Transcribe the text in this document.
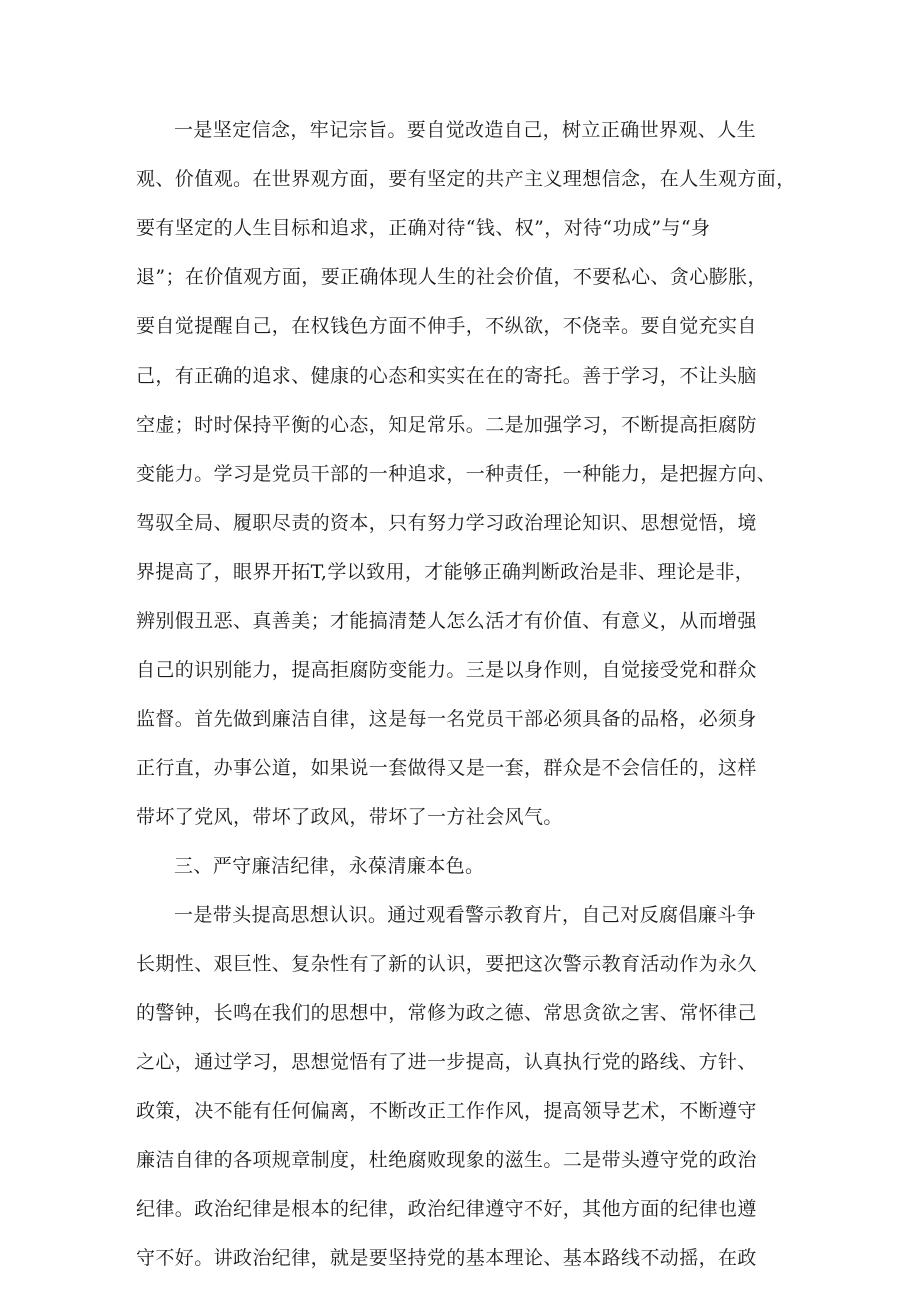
一是坚定信念，牢记宗旨。要自觉改造自己，树立正确世界观、人生
观、价值观。在世界观方面，要有坚定的共产主义理想信念，在人生观方面，
要有坚定的人生目标和追求，正确对待“钱、权”，对待“功成”与“身
退”；在价值观方面，要正确体现人生的社会价值，不要私心、贪心膨胀，
要自觉提醒自己，在权钱色方面不伸手，不纵欲，不侥幸。要自觉充实自
己，有正确的追求、健康的心态和实实在在的寄托。善于学习，不让头脑
空虚；时时保持平衡的心态，知足常乐。二是加强学习，不断提高拒腐防
变能力。学习是党员干部的一种追求，一种责任，一种能力，是把握方向、
驾驭全局、履职尽责的资本，只有努力学习政治理论知识、思想觉悟，境
界提高了，眼界开拓T,学以致用，才能够正确判断政治是非、理论是非，
辨别假丑恶、真善美；才能搞清楚人怎么活才有价值、有意义，从而增强
自己的识别能力，提高拒腐防变能力。三是以身作则，自觉接受党和群众
监督。首先做到廉洁自律，这是每一名党员干部必须具备的品格，必须身
正行直，办事公道，如果说一套做得又是一套，群众是不会信任的，这样
带坏了党风，带坏了政风，带坏了一方社会风气。
三、严守廉洁纪律，永葆清廉本色。
一是带头提高思想认识。通过观看警示教育片，自己对反腐倡廉斗争
长期性、艰巨性、复杂性有了新的认识，要把这次警示教育活动作为永久
的警钟，长鸣在我们的思想中，常修为政之德、常思贪欲之害、常怀律己
之心，通过学习，思想觉悟有了进一步提高，认真执行党的路线、方针、
政策，决不能有任何偏离，不断改正工作作风，提高领导艺术，不断遵守
廉洁自律的各项规章制度，杜绝腐败现象的滋生。二是带头遵守党的政治
纪律。政治纪律是根本的纪律，政治纪律遵守不好，其他方面的纪律也遵
守不好。讲政治纪律，就是要坚持党的基本理论、基本路线不动摇，在政
